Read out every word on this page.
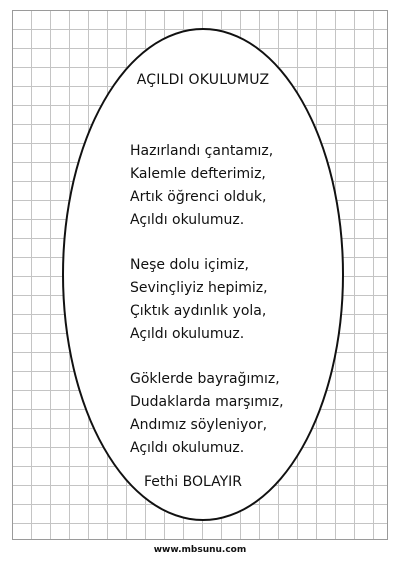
AÇILDI OKULUMUZ
Hazırlandı çantamız,
Kalemle defterimiz,
Artık öğrenci olduk,
Açıldı okulumuz.
Neşe dolu içimiz,
Sevinçliyiz hepimiz,
Çıktık aydınlık yola,
Açıldı okulumuz.
Göklerde bayrağımız,
Dudaklarda marşımız,
Andımız söyleniyor,
Açıldı okulumuz.
Fethi BOLAYIR
www.mbsunu.com
